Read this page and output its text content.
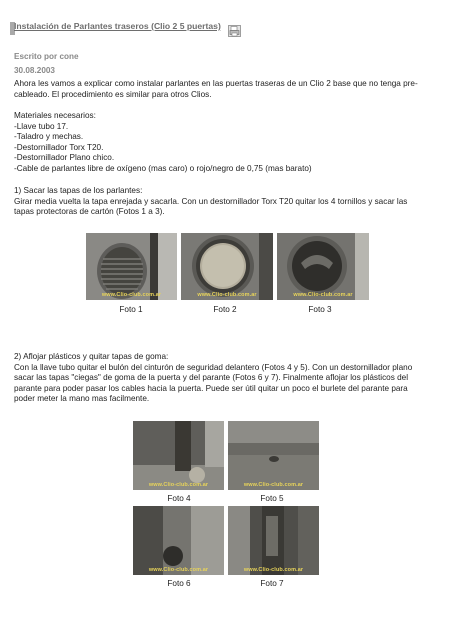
Instalación de Parlantes traseros (Clio 2 5 puertas)
Escrito por cone
30.08.2003
Ahora les vamos a explicar como instalar parlantes en las puertas traseras de un Clio 2 base que no tenga pre-
cableado. El procedimiento es similar para otros Clios.
Materiales necesarios:
-Llave tubo 17.
-Taladro y mechas.
-Destornillador Torx T20.
-Destornillador Plano chico.
-Cable de parlantes libre de oxígeno (mas caro) o rojo/negro de 0,75 (mas barato)
1) Sacar las tapas de los parlantes:
Girar media vuelta la tapa enrejada y sacarla. Con un destornillador Torx T20 quitar los 4 tornillos y sacar las
tapas protectoras de cartón (Fotos 1 a 3).
www.Clio-club.com.ar	www.Clio-club.com.ar	www.Clio-club.com.ar
Foto 1	Foto 2	Foto 3
2) Aflojar plásticos y quitar tapas de goma:
Con la llave tubo quitar el bulón del cinturón de seguridad delantero (Fotos 4 y 5). Con un destornillador plano
sacar las tapas "ciegas" de goma de la puerta y del parante (Fotos 6 y 7). Finalmente aflojar los plásticos del
parante para poder pasar los cables hacia la puerta. Puede ser útil quitar un poco el burlete del parante para
poder meter la mano mas facilmente.
www.Clio-club.com.ar	www.Clio-club.com.ar
Foto 4	Foto 5
www.Clio-club.com.ar	www.Clio-club.com.ar
Foto 6	Foto 7
